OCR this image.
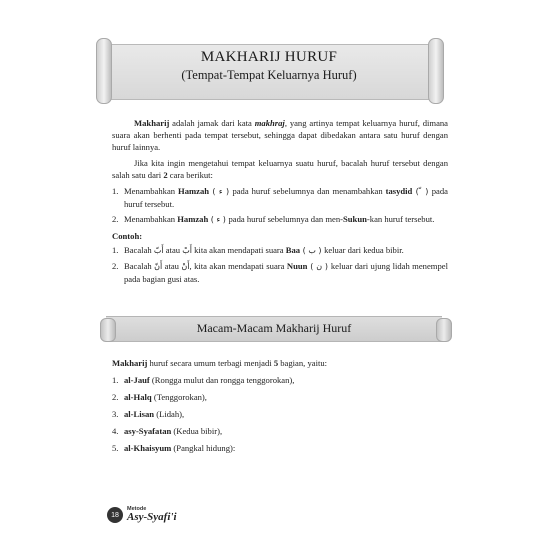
MAKHARIJ HURUF
(Tempat-Tempat Keluarnya Huruf)

Makharij adalah jamak dari kata makhraj, yang artinya tempat keluarnya huruf, dimana suara akan berhenti pada tempat tersebut, sehingga dapat dibedakan antara satu huruf dengan huruf lainnya.

Jika kita ingin mengetahui tempat keluarnya suatu huruf, bacalah huruf tersebut dengan salah satu dari 2 cara berikut:

1. Menambahkan Hamzah ( ء ) pada huruf sebelumnya dan menambahkan tasydid ( ّ ) pada huruf tersebut.
2. Menambahkan Hamzah ( ء ) pada huruf sebelumnya dan men-Sukun-kan huruf tersebut.

Contoh:

1. Bacalah أَبّ atau أَبْ kita akan mendapati suara Baa ( ب ) keluar dari kedua bibir.
2. Bacalah أَنّ atau أَنْ, kita akan mendapati suara Nuun ( ن ) keluar dari ujung lidah menempel pada bagian gusi atas.
Macam-Macam Makharij Huruf

Makharij huruf secara umum terbagi menjadi 5 bagian, yaitu:

1. al-Jauf (Rongga mulut dan rongga tenggorokan),
2. al-Halq (Tenggorokan),
3. al-Lisan (Lidah),
4. asy-Syafatan (Kedua bibir),
5. al-Khaisyum (Pangkal hidung):
18
Metode
Asy-Syafi'i
